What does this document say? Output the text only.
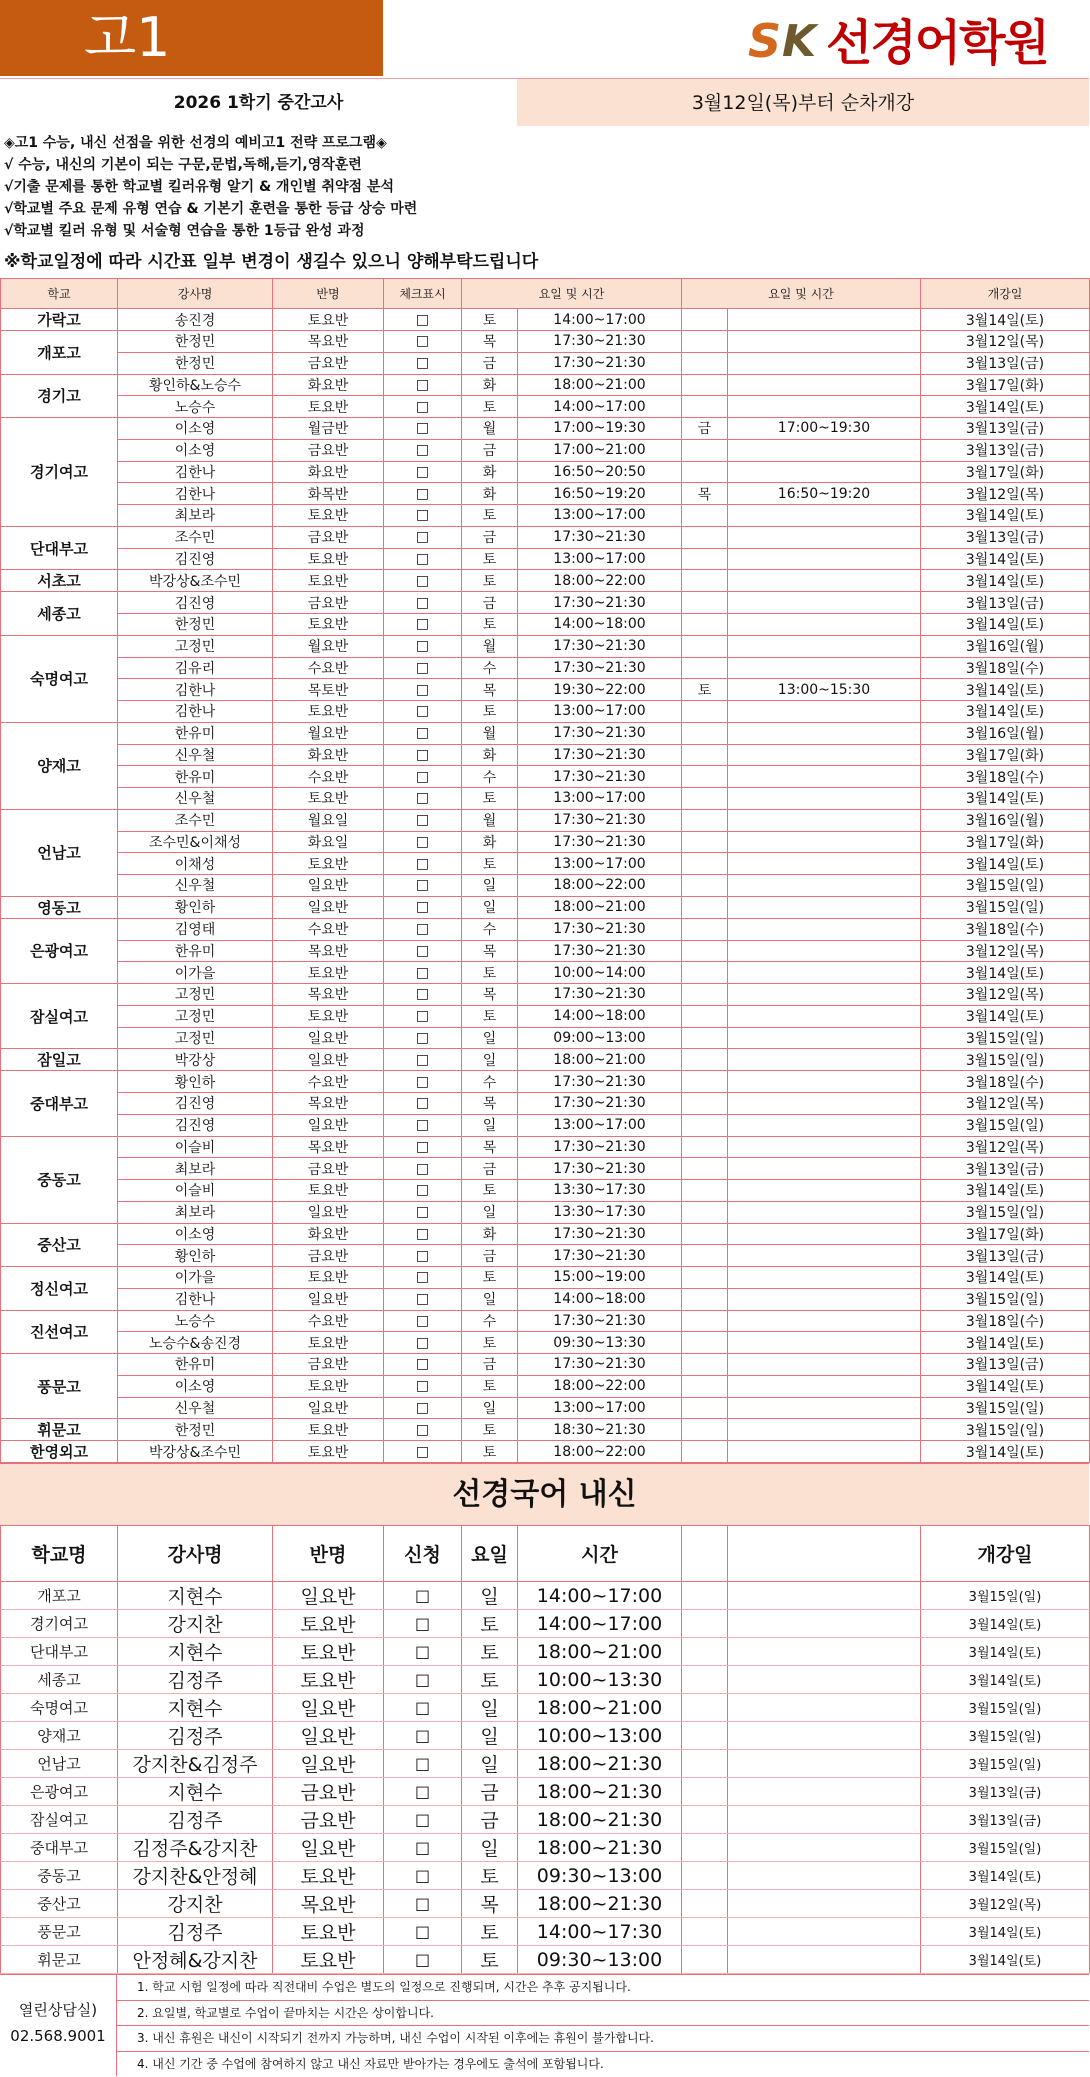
고1	S K 선경어학원
2026 1학기 중간고사	3월12일(목)부터 순차개강
◈고1 수능, 내신 선점을 위한 선경의 예비고1 전략 프로그램◈
√ 수능, 내신의 기본이 되는 구문,문법,독해,듣기,영작훈련
√기출 문제를 통한 학교별 킬러유형 알기 & 개인별 취약점 분석
√학교별 주요 문제 유형 연습 & 기본기 훈련을 통한 등급 상승 마련
√학교별 킬러 유형 및 서술형 연습을 통한 1등급 완성 과정
※학교일정에 따라 시간표 일부 변경이 생길수 있으니 양해부탁드립니다
학교	강사명	반명	체크표시	요일 및 시간		요일 및 시간		개강일
가락고	송진경	토요반	□	토	14:00~17:00			3월14일(토)
개포고	한정민	목요반	□	목	17:30~21:30			3월12일(목)
	한정민	금요반	□	금	17:30~21:30			3월13일(금)
경기고	황인하&노승수	화요반	□	화	18:00~21:00			3월17일(화)
	노승수	토요반	□	토	14:00~17:00			3월14일(토)
경기여고	이소영	월금반	□	월	17:00~19:30	금	17:00~19:30	3월13일(금)
	이소영	금요반	□	금	17:00~21:00			3월13일(금)
	김한나	화요반	□	화	16:50~20:50			3월17일(화)
	김한나	화목반	□	화	16:50~19:20	목	16:50~19:20	3월12일(목)
	최보라	토요반	□	토	13:00~17:00			3월14일(토)
단대부고	조수민	금요반	□	금	17:30~21:30			3월13일(금)
	김진영	토요반	□	토	13:00~17:00			3월14일(토)
서초고	박강상&조수민	토요반	□	토	18:00~22:00			3월14일(토)
세종고	김진영	금요반	□	금	17:30~21:30			3월13일(금)
	한정민	토요반	□	토	14:00~18:00			3월14일(토)
숙명여고	고정민	월요반	□	월	17:30~21:30			3월16일(월)
	김유리	수요반	□	수	17:30~21:30			3월18일(수)
	김한나	목토반	□	목	19:30~22:00	토	13:00~15:30	3월14일(토)
	김한나	토요반	□	토	13:00~17:00			3월14일(토)
양재고	한유미	월요반	□	월	17:30~21:30			3월16일(월)
	신우철	화요반	□	화	17:30~21:30			3월17일(화)
	한유미	수요반	□	수	17:30~21:30			3월18일(수)
	신우철	토요반	□	토	13:00~17:00			3월14일(토)
언남고	조수민	월요일	□	월	17:30~21:30			3월16일(월)
	조수민&이채성	화요일	□	화	17:30~21:30			3월17일(화)
	이채성	토요반	□	토	13:00~17:00			3월14일(토)
	신우철	일요반	□	일	18:00~22:00			3월15일(일)
영동고	황인하	일요반	□	일	18:00~21:00			3월15일(일)
은광여고	김영태	수요반	□	수	17:30~21:30			3월18일(수)
	한유미	목요반	□	목	17:30~21:30			3월12일(목)
	이가을	토요반	□	토	10:00~14:00			3월14일(토)
잠실여고	고정민	목요반	□	목	17:30~21:30			3월12일(목)
	고정민	토요반	□	토	14:00~18:00			3월14일(토)
	고정민	일요반	□	일	09:00~13:00			3월15일(일)
잠일고	박강상	일요반	□	일	18:00~21:00			3월15일(일)
중대부고	황인하	수요반	□	수	17:30~21:30			3월18일(수)
	김진영	목요반	□	목	17:30~21:30			3월12일(목)
	김진영	일요반	□	일	13:00~17:00			3월15일(일)
중동고	이슬비	목요반	□	목	17:30~21:30			3월12일(목)
	최보라	금요반	□	금	17:30~21:30			3월13일(금)
	이슬비	토요반	□	토	13:30~17:30			3월14일(토)
	최보라	일요반	□	일	13:30~17:30			3월15일(일)
중산고	이소영	화요반	□	화	17:30~21:30			3월17일(화)
	황인하	금요반	□	금	17:30~21:30			3월13일(금)
정신여고	이가을	토요반	□	토	15:00~19:00			3월14일(토)
	김한나	일요반	□	일	14:00~18:00			3월15일(일)
진선여고	노승수	수요반	□	수	17:30~21:30			3월18일(수)
	노승수&송진경	토요반	□	토	09:30~13:30			3월14일(토)
풍문고	한유미	금요반	□	금	17:30~21:30			3월13일(금)
	이소영	토요반	□	토	18:00~22:00			3월14일(토)
	신우철	일요반	□	일	13:00~17:00			3월15일(일)
휘문고	한정민	토요반	□	토	18:30~21:30			3월15일(일)
한영외고	박강상&조수민	토요반	□	토	18:00~22:00			3월14일(토)
선경국어 내신
학교명	강사명	반명	신청	요일	시간			개강일
개포고	지현수	일요반	□	일	14:00~17:00			3월15일(일)
경기여고	강지찬	토요반	□	토	14:00~17:00			3월14일(토)
단대부고	지현수	토요반	□	토	18:00~21:00			3월14일(토)
세종고	김정주	토요반	□	토	10:00~13:30			3월14일(토)
숙명여고	지현수	일요반	□	일	18:00~21:00			3월15일(일)
양재고	김정주	일요반	□	일	10:00~13:00			3월15일(일)
언남고	강지찬&김정주	일요반	□	일	18:00~21:30			3월15일(일)
은광여고	지현수	금요반	□	금	18:00~21:30			3월13일(금)
잠실여고	김정주	금요반	□	금	18:00~21:30			3월13일(금)
중대부고	김정주&강지찬	일요반	□	일	18:00~21:30			3월15일(일)
중동고	강지찬&안정혜	토요반	□	토	09:30~13:00			3월14일(토)
중산고	강지찬	목요반	□	목	18:00~21:30			3월12일(목)
풍문고	김정주	토요반	□	토	14:00~17:30			3월14일(토)
휘문고	안정혜&강지찬	토요반	□	토	09:30~13:00			3월14일(토)
열린상담실)
02.568.9001
1. 학교 시험 일정에 따라 직전대비 수업은 별도의 일정으로 진행되며, 시간은 추후 공지됩니다.
2. 요일별, 학교별로 수업이 끝마치는 시간은 상이합니다.
3. 내신 휴원은 내신이 시작되기 전까지 가능하며, 내신 수업이 시작된 이후에는 휴원이 불가합니다.
4. 내신 기간 중 수업에 참여하지 않고 내신 자료만 받아가는 경우에도 출석에 포함됩니다.
